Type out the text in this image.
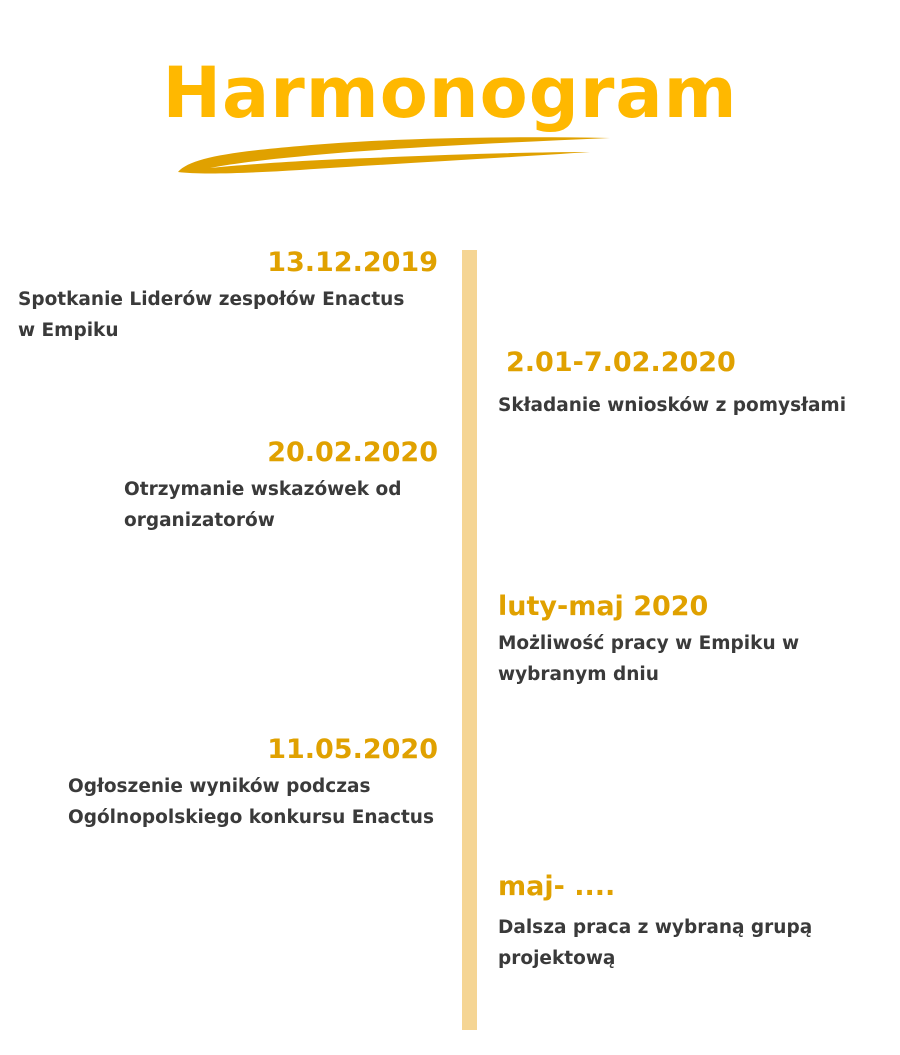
Harmonogram
13.12.2019
Spotkanie Liderów zespołów Enactus
w Empiku
2.01-7.02.2020
Składanie wniosków z pomysłami
20.02.2020
Otrzymanie wskazówek od
organizatorów
luty-maj 2020
Możliwość pracy w Empiku w
wybranym dniu
11.05.2020
Ogłoszenie wyników podczas
Ogólnopolskiego konkursu Enactus
maj- ....
Dalsza praca z wybraną grupą
projektową
